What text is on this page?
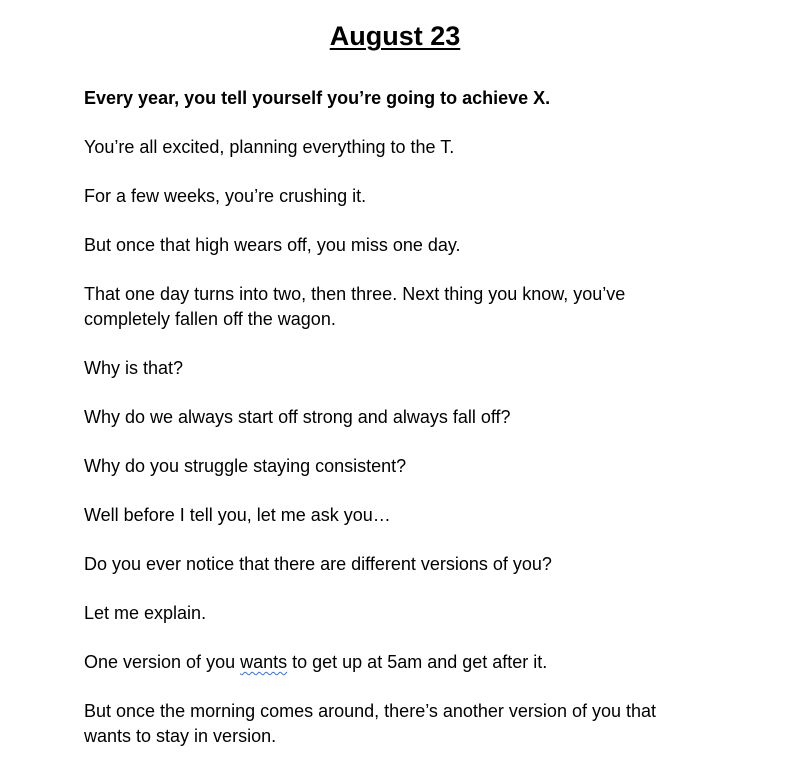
August 23

Every year, you tell yourself you’re going to achieve X.

You’re all excited, planning everything to the T.

For a few weeks, you’re crushing it.

But once that high wears off, you miss one day.

That one day turns into two, then three. Next thing you know, you’ve completely fallen off the wagon.

Why is that?

Why do we always start off strong and always fall off?

Why do you struggle staying consistent?

Well before I tell you, let me ask you…

Do you ever notice that there are different versions of you?

Let me explain.

One version of you wants to get up at 5am and get after it.

But once the morning comes around, there’s another version of you that wants to stay in version.
